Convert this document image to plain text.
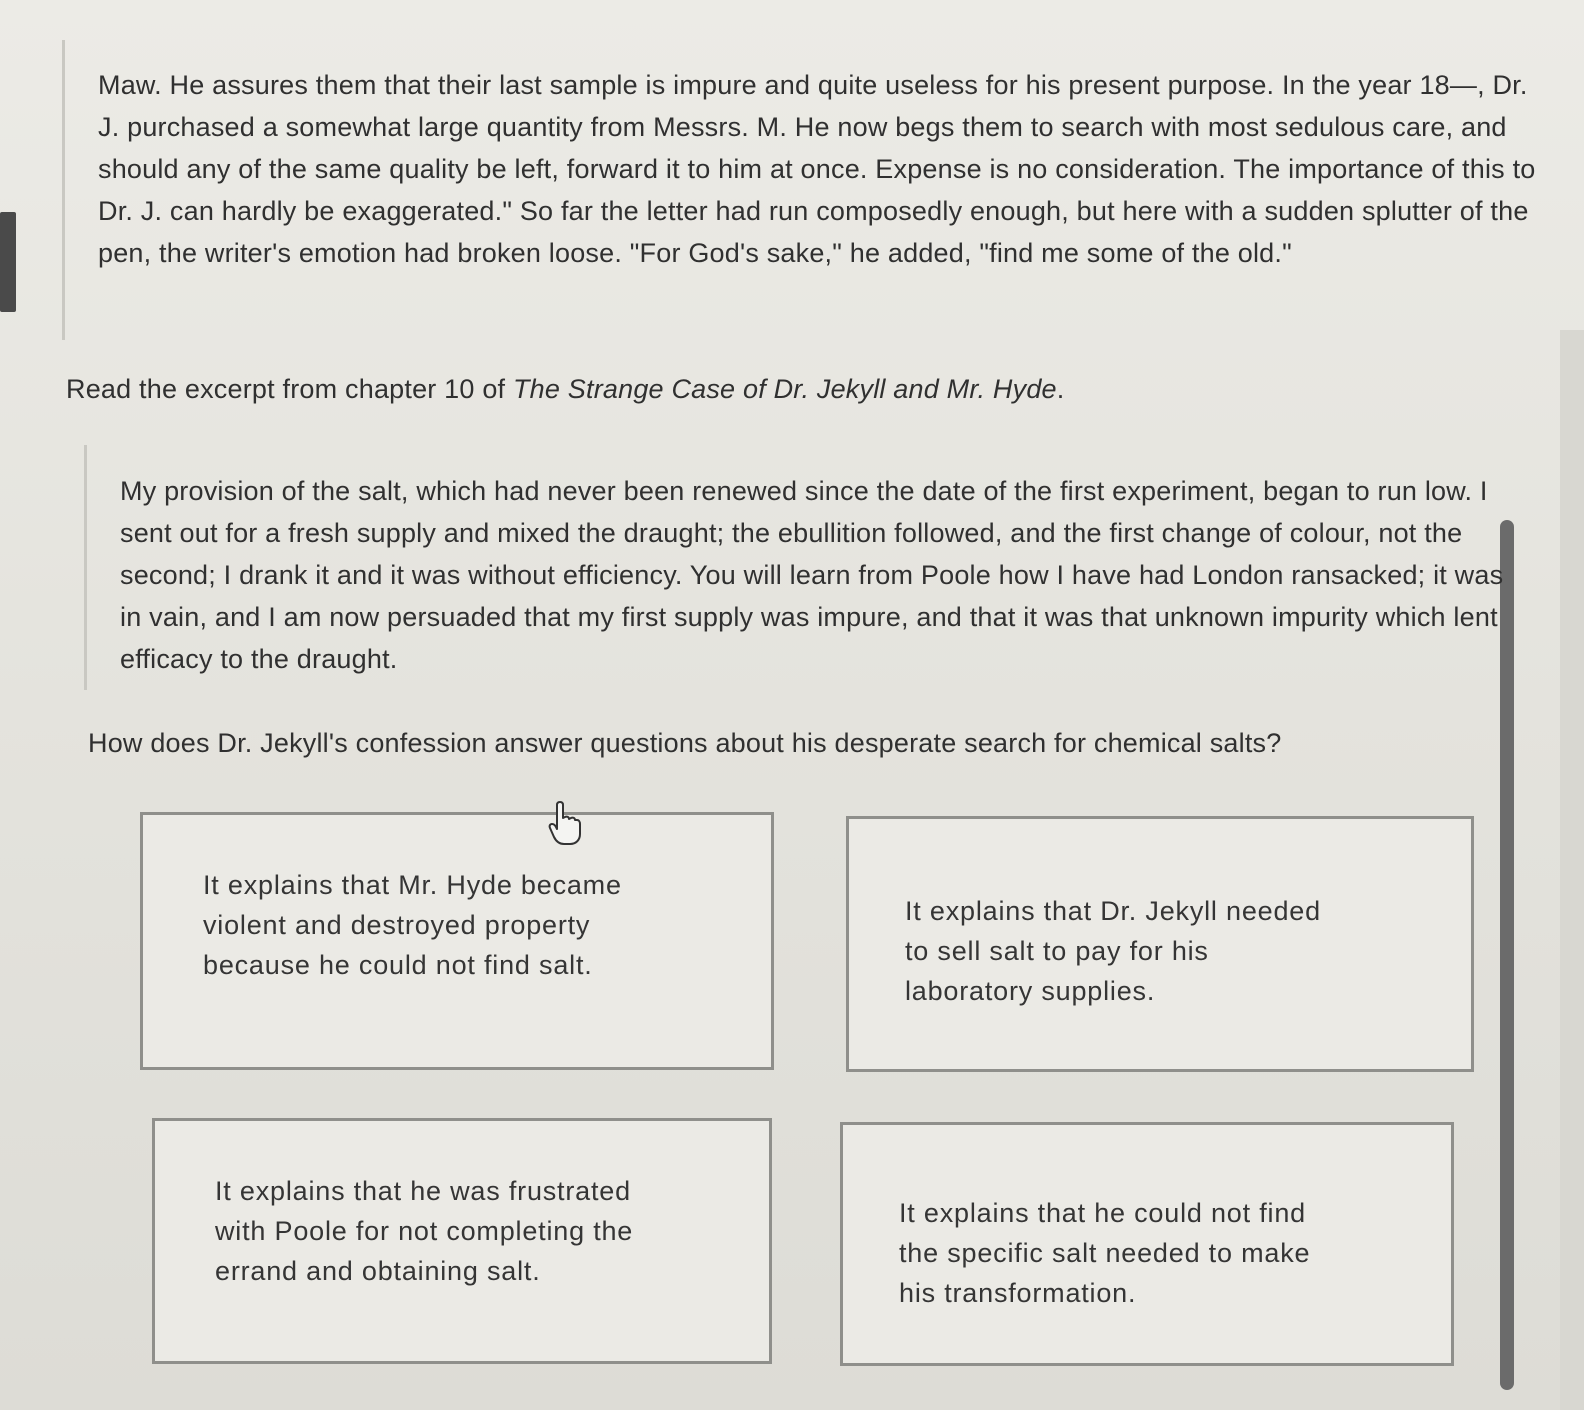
Maw. He assures them that their last sample is impure and quite useless for his present purpose. In the year 18—, Dr. J. purchased a somewhat large quantity from Messrs. M. He now begs them to search with most sedulous care, and should any of the same quality be left, forward it to him at once. Expense is no consideration. The importance of this to Dr. J. can hardly be exaggerated." So far the letter had run composedly enough, but here with a sudden splutter of the pen, the writer's emotion had broken loose. "For God's sake," he added, "find me some of the old."

Read the excerpt from chapter 10 of The Strange Case of Dr. Jekyll and Mr. Hyde.

My provision of the salt, which had never been renewed since the date of the first experiment, began to run low. I sent out for a fresh supply and mixed the draught; the ebullition followed, and the first change of colour, not the second; I drank it and it was without efficiency. You will learn from Poole how I have had London ransacked; it was in vain, and I am now persuaded that my first supply was impure, and that it was that unknown impurity which lent efficacy to the draught.

How does Dr. Jekyll's confession answer questions about his desperate search for chemical salts?

It explains that Mr. Hyde became violent and destroyed property because he could not find salt.
It explains that Dr. Jekyll needed to sell salt to pay for his laboratory supplies.
It explains that he was frustrated with Poole for not completing the errand and obtaining salt.
It explains that he could not find the specific salt needed to make his transformation.
